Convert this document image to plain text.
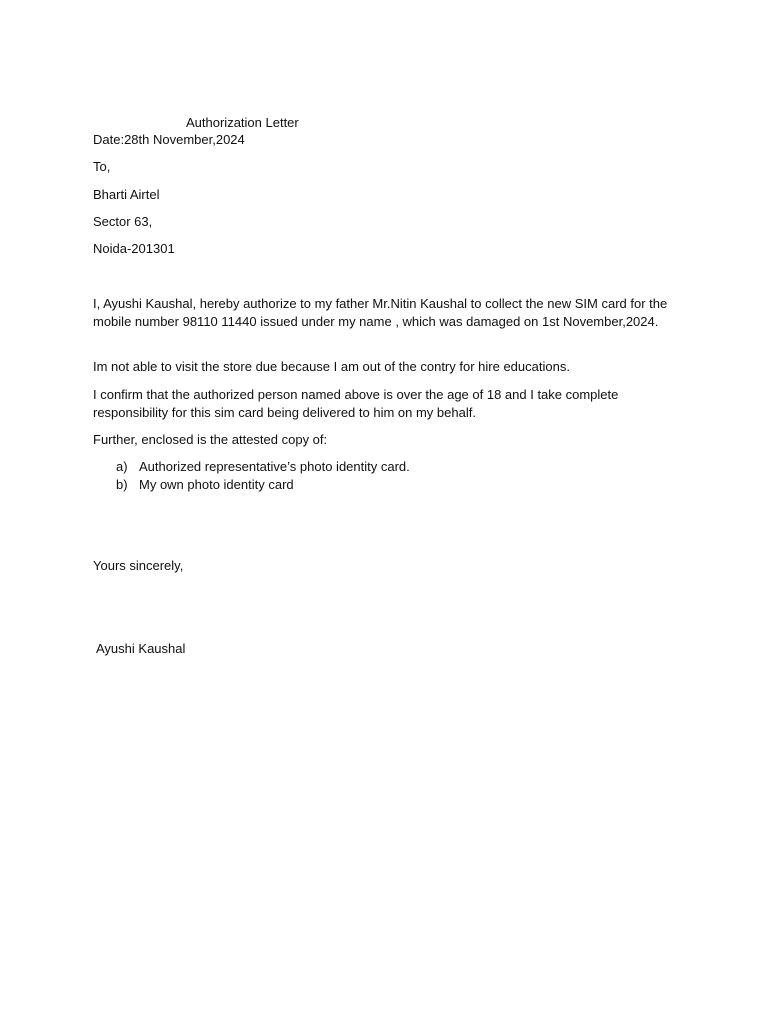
Authorization Letter
Date:28th November,2024
To,
Bharti Airtel
Sector 63,
Noida-201301
I, Ayushi Kaushal, hereby authorize to my father Mr.Nitin Kaushal to collect the new SIM card for the mobile number 98110 11440 issued under my name , which was damaged on 1st November,2024.
Im not able to visit the store due because I am out of the contry for hire educations.
I confirm that the authorized person named above is over the age of 18 and I take complete responsibility for this sim card being delivered to him on my behalf.
Further, enclosed is the attested copy of:
a) Authorized representative’s photo identity card.
b) My own photo identity card
Yours sincerely,
Ayushi Kaushal
